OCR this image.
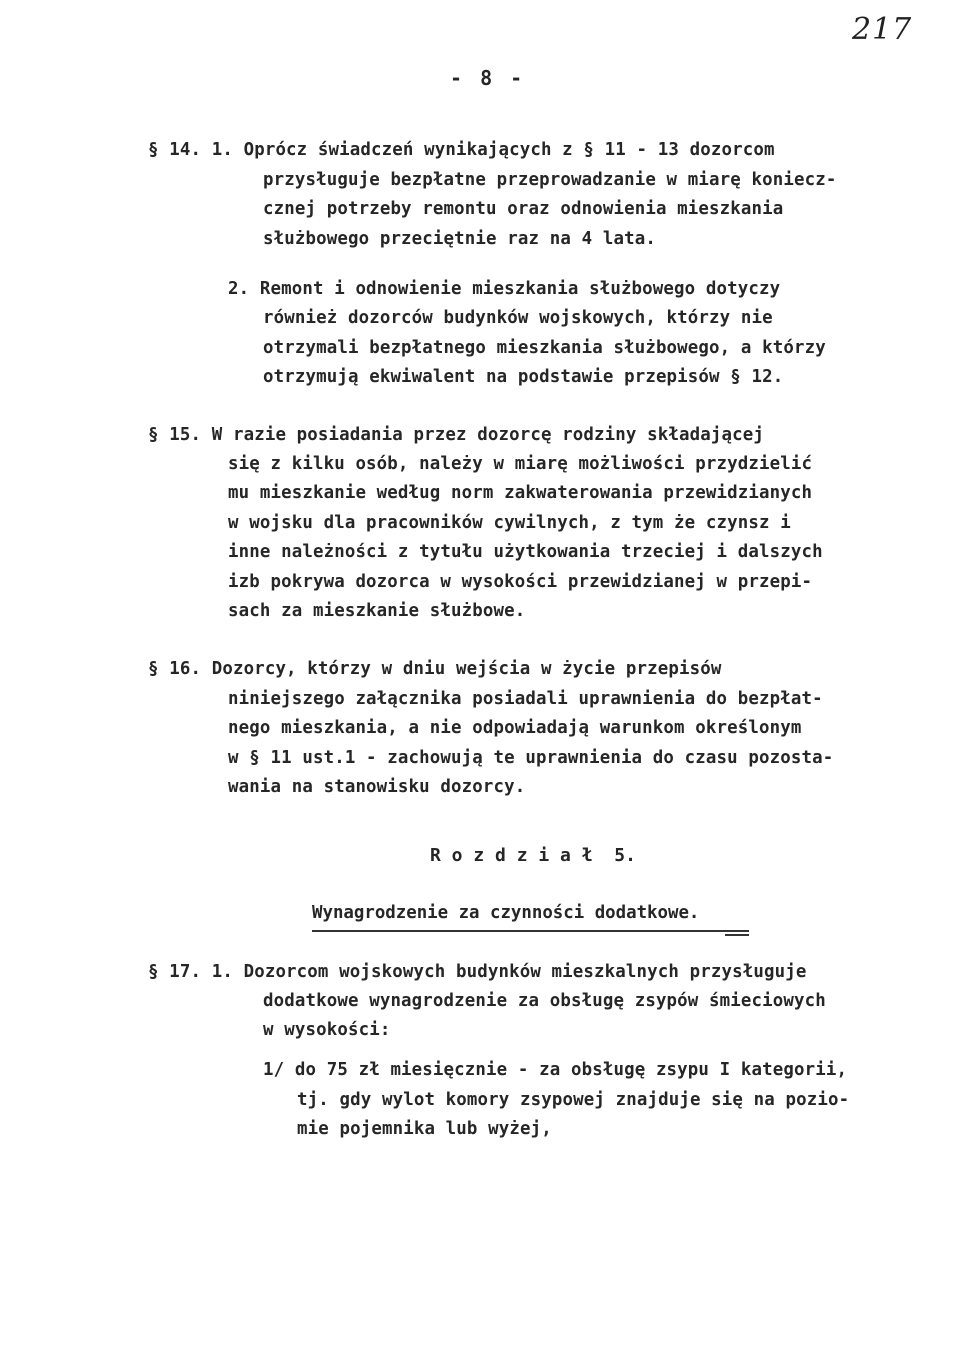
217
- 8 -
§ 14. 1. Oprócz świadczeń wynikających z § 11 - 13 dozorcom
przysługuje bezpłatne przeprowadzanie w miarę koniecz-
cznej potrzeby remontu oraz odnowienia mieszkania
służbowego przeciętnie raz na 4 lata.
2. Remont i odnowienie mieszkania służbowego dotyczy
również dozorców budynków wojskowych, którzy nie
otrzymali bezpłatnego mieszkania służbowego, a którzy
otrzymują ekwiwalent na podstawie przepisów § 12.
§ 15. W razie posiadania przez dozorcę rodziny składającej
się z kilku osób, należy w miarę możliwości przydzielić
mu mieszkanie według norm zakwaterowania przewidzianych
w wojsku dla pracowników cywilnych, z tym że czynsz i
inne należności z tytułu użytkowania trzeciej i dalszych
izb pokrywa dozorca w wysokości przewidzianej w przepi-
sach za mieszkanie służbowe.
§ 16. Dozorcy, którzy w dniu wejścia w życie przepisów
niniejszego załącznika posiadali uprawnienia do bezpłat-
nego mieszkania, a nie odpowiadają warunkom określonym
w § 11 ust.1 - zachowują te uprawnienia do czasu pozosta-
wania na stanowisku dozorcy.
R o z d z i a ł  5.
Wynagrodzenie za czynności dodatkowe.
§ 17. 1. Dozorcom wojskowych budynków mieszkalnych przysługuje
dodatkowe wynagrodzenie za obsługę zsypów śmieciowych
w wysokości:
1/ do 75 zł miesięcznie - za obsługę zsypu I kategorii,
tj. gdy wylot komory zsypowej znajduje się na pozio-
mie pojemnika lub wyżej,
